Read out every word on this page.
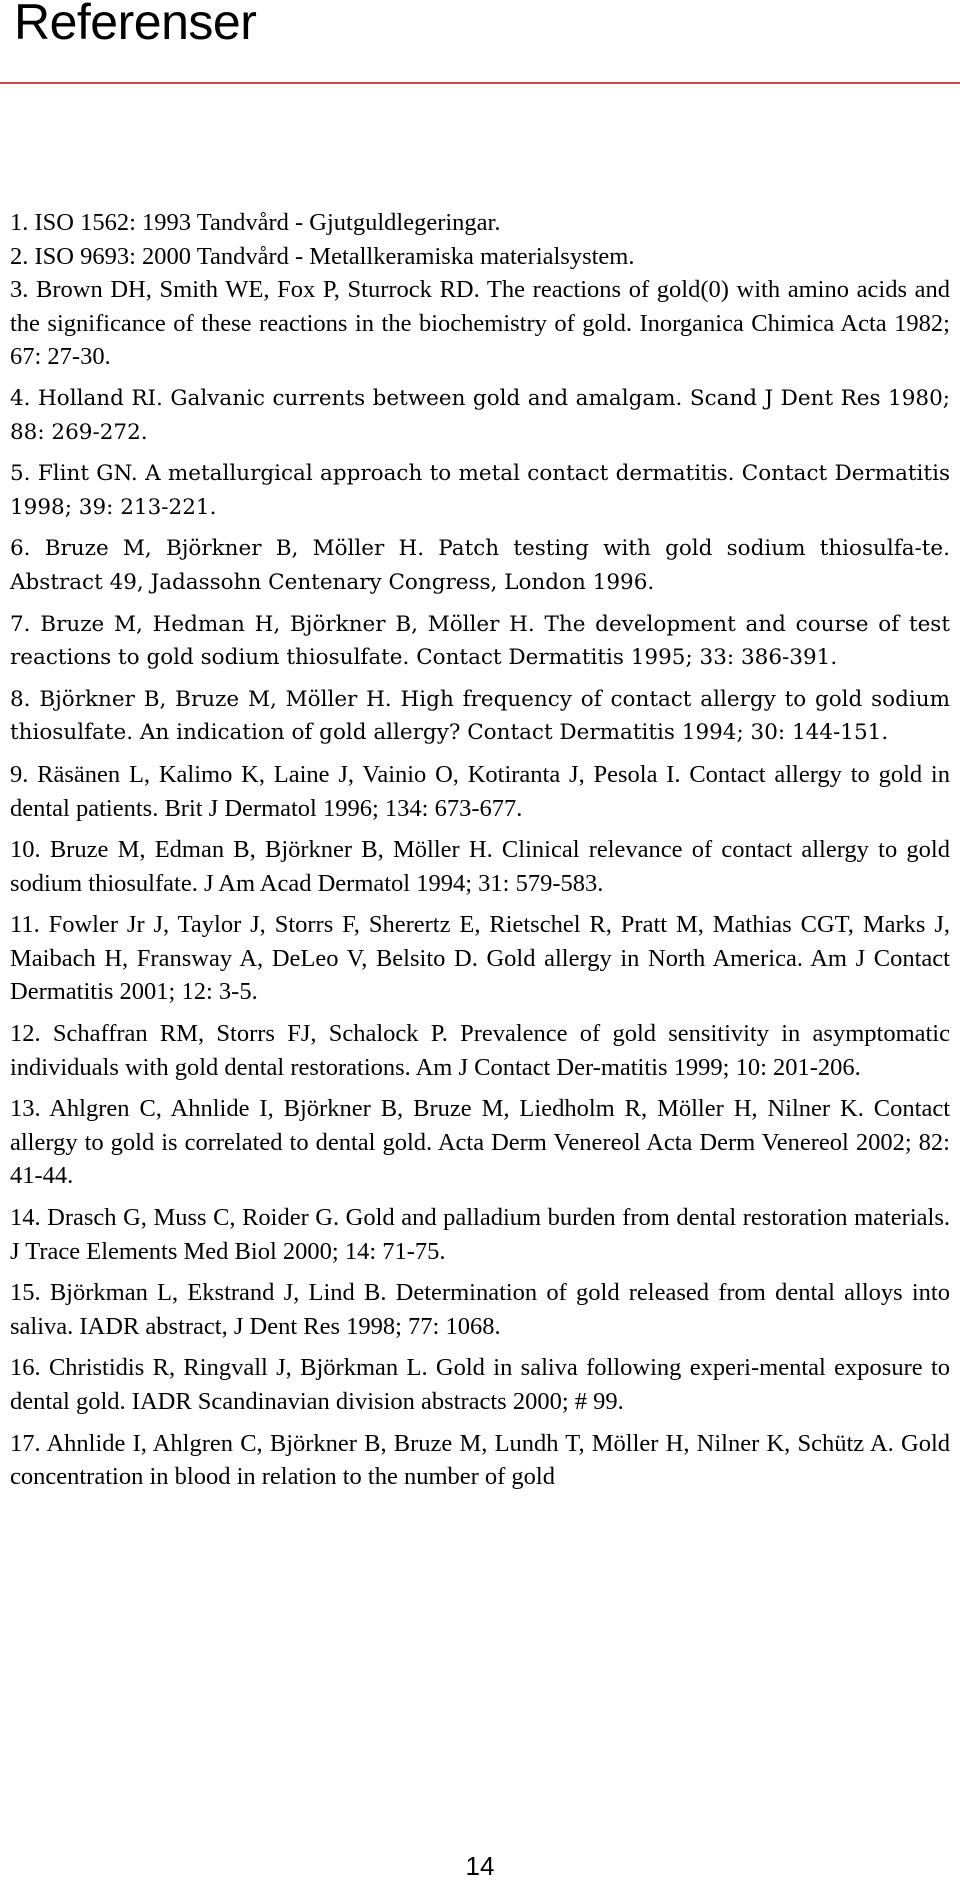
Referenser
1. ISO 1562: 1993 Tandvård - Gjutguldlegeringar.
2. ISO 9693: 2000 Tandvård - Metallkeramiska materialsystem.
3. Brown DH, Smith WE, Fox P, Sturrock RD. The reactions of gold(0) with amino acids and the significance of these reactions in the biochemistry of gold. Inorganica Chimica Acta 1982; 67: 27-30.
4. Holland RI. Galvanic currents between gold and amalgam. Scand J Dent Res 1980; 88: 269-272.
5. Flint GN. A metallurgical approach to metal contact dermatitis. Contact Dermatitis 1998; 39: 213-221.
6. Bruze M, Björkner B, Möller H. Patch testing with gold sodium thiosulfa-te. Abstract 49, Jadassohn Centenary Congress, London 1996.
7. Bruze M, Hedman H, Björkner B, Möller H. The development and course of test reactions to gold sodium thiosulfate. Contact Dermatitis 1995; 33: 386-391.
8. Björkner B, Bruze M, Möller H. High frequency of contact allergy to gold sodium thiosulfate. An indication of gold allergy? Contact Dermatitis 1994; 30: 144-151.
9. Räsänen L, Kalimo K, Laine J, Vainio O, Kotiranta J, Pesola I. Contact allergy to gold in dental patients. Brit J Dermatol 1996; 134: 673-677.
10. Bruze M, Edman B, Björkner B, Möller H. Clinical relevance of contact allergy to gold sodium thiosulfate. J Am Acad Dermatol 1994; 31: 579-583.
11. Fowler Jr J, Taylor J, Storrs F, Sherertz E, Rietschel R, Pratt M, Mathias CGT, Marks J, Maibach H, Fransway A, DeLeo V, Belsito D. Gold allergy in North America. Am J Contact Dermatitis 2001; 12: 3-5.
12. Schaffran RM, Storrs FJ, Schalock P. Prevalence of gold sensitivity in asymptomatic individuals with gold dental restorations. Am J Contact Der-matitis 1999; 10: 201-206.
13. Ahlgren C, Ahnlide I, Björkner B, Bruze M, Liedholm R, Möller H, Nilner K. Contact allergy to gold is correlated to dental gold. Acta Derm Venereol Acta Derm Venereol 2002; 82: 41-44.
14. Drasch G, Muss C, Roider G. Gold and palladium burden from dental restoration materials. J Trace Elements Med Biol 2000; 14: 71-75.
15. Björkman L, Ekstrand J, Lind B. Determination of gold released from dental alloys into saliva. IADR abstract, J Dent Res 1998; 77: 1068.
16. Christidis R, Ringvall J, Björkman L. Gold in saliva following experi-mental exposure to dental gold. IADR Scandinavian division abstracts 2000; # 99.
17. Ahnlide I, Ahlgren C, Björkner B, Bruze M, Lundh T, Möller H, Nilner K, Schütz A. Gold concentration in blood in relation to the number of gold
14
